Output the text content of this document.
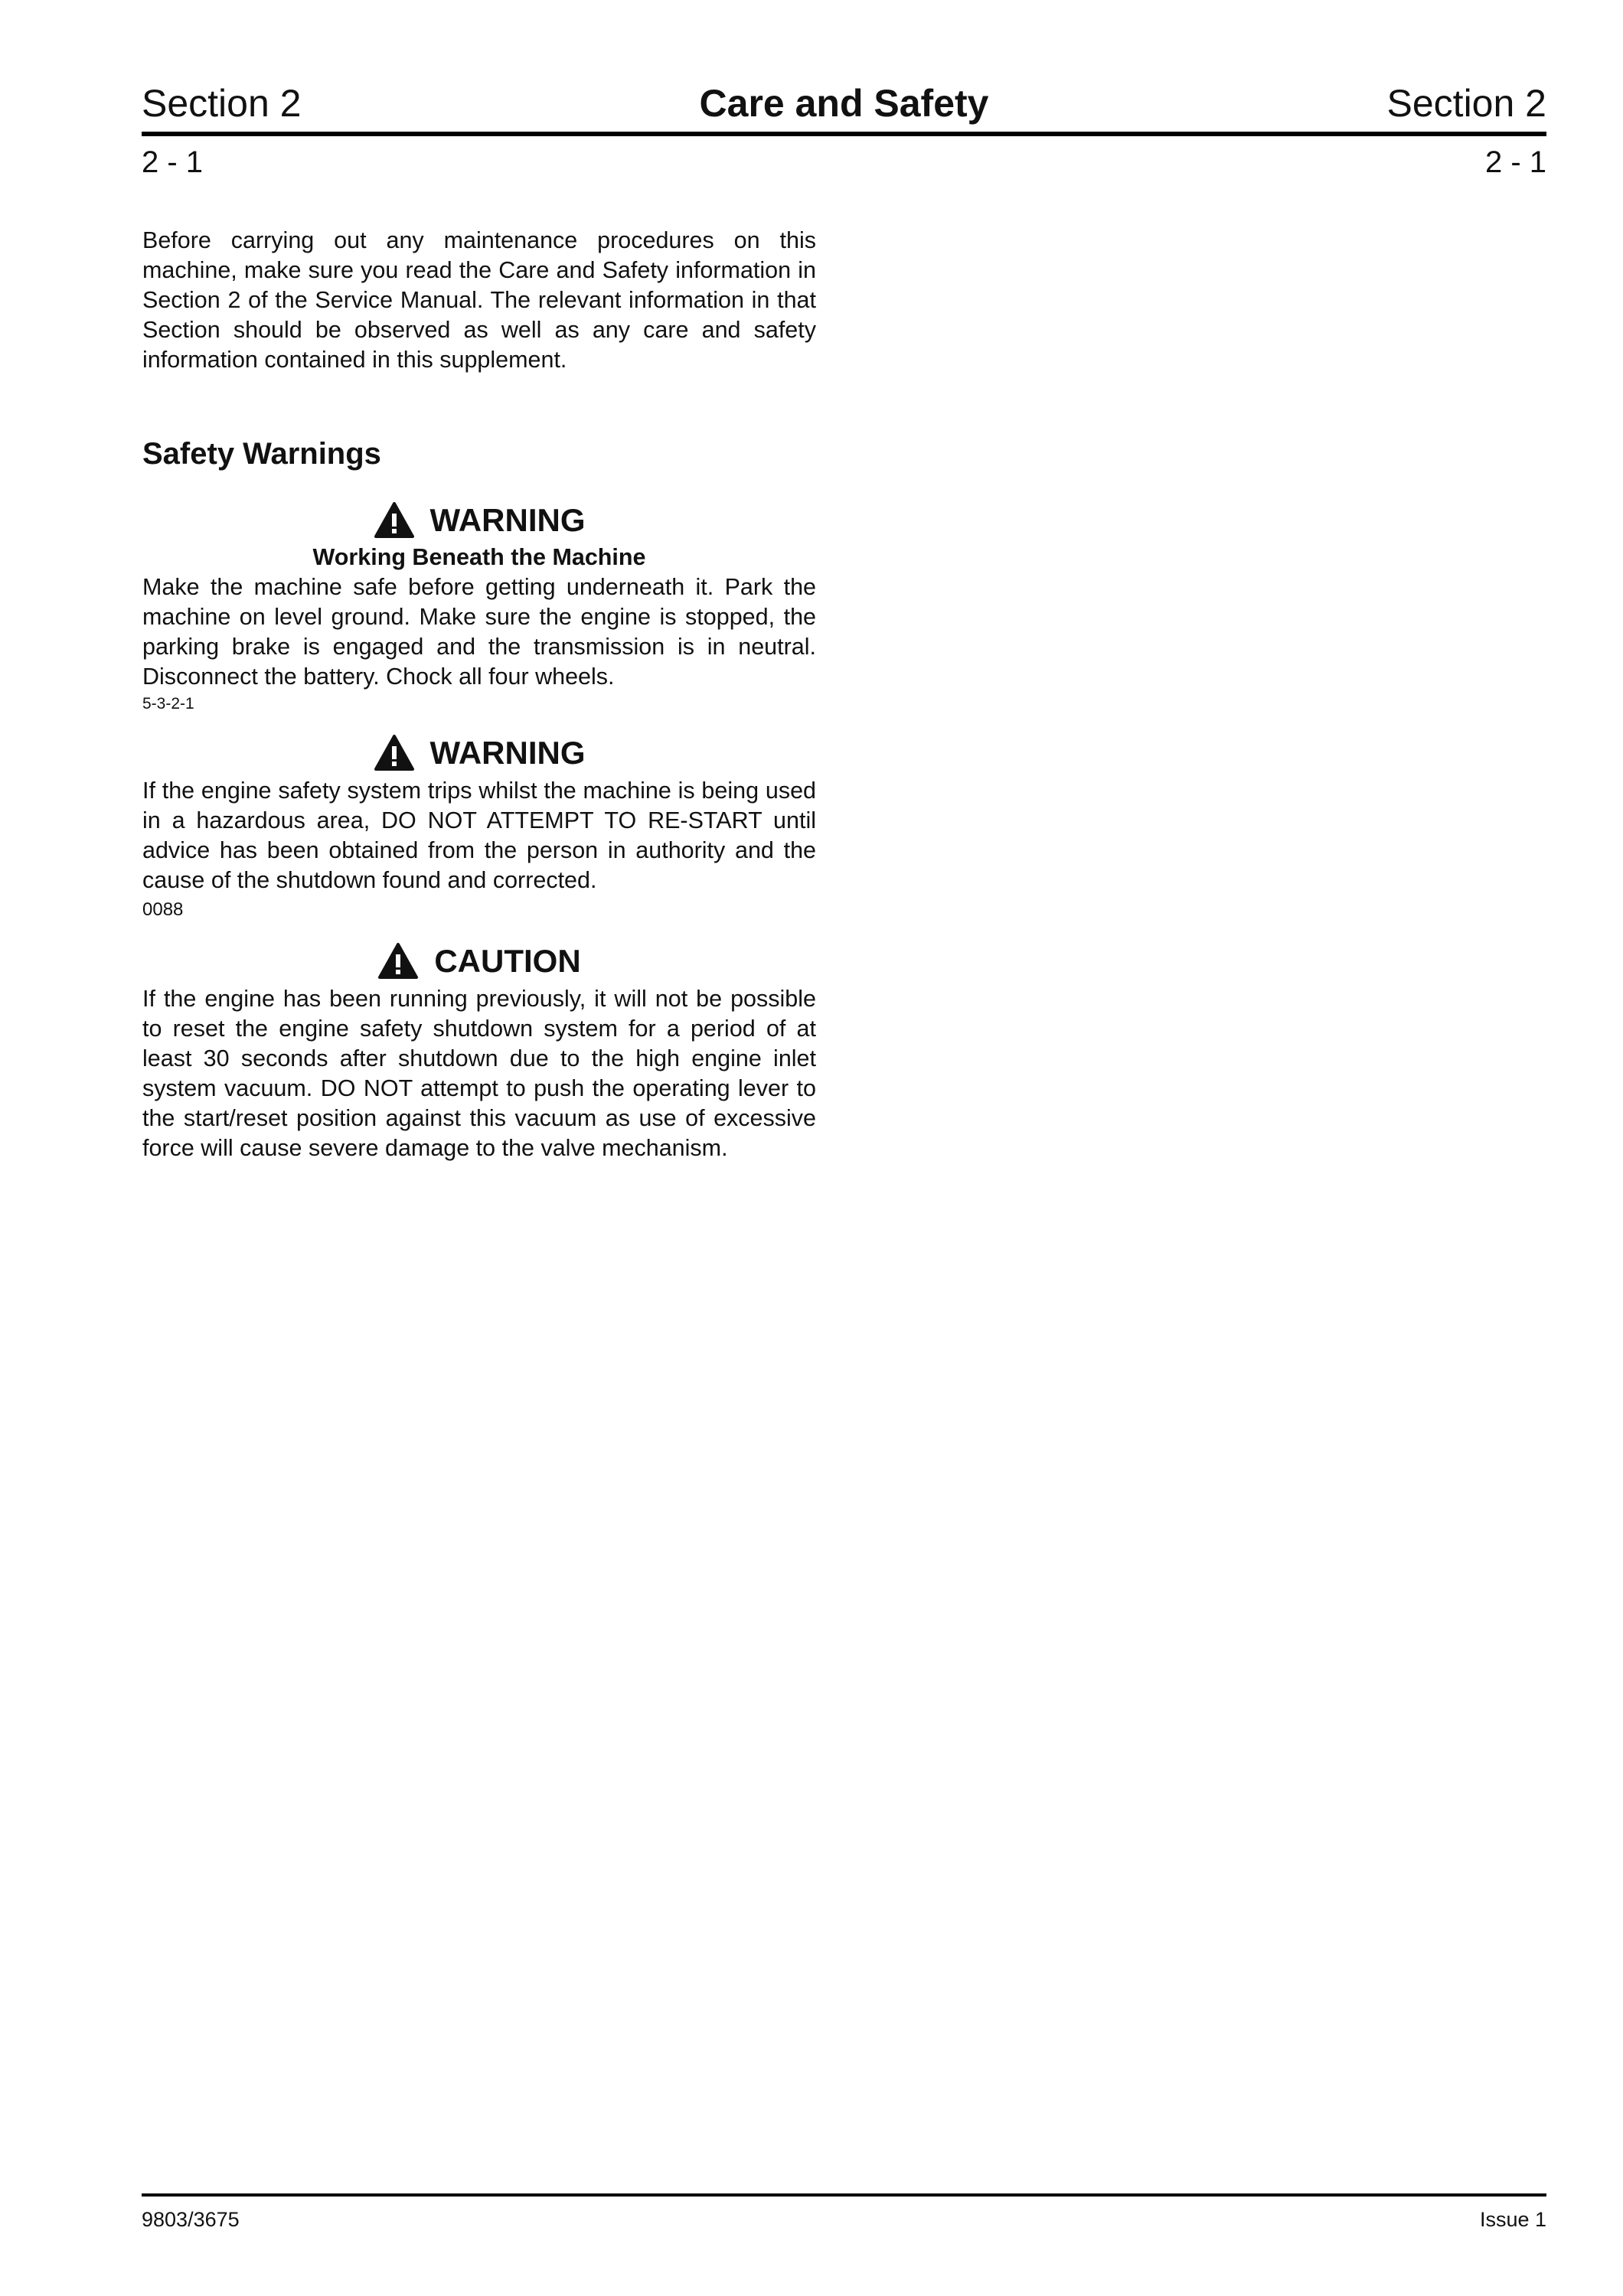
Section 2	Care and Safety	Section 2
2 - 1	2 - 1

Before carrying out any maintenance procedures on this machine, make sure you read the Care and Safety information in Section 2 of the Service Manual. The relevant information in that Section should be observed as well as any care and safety information contained in this supplement.

Safety Warnings
WARNING
Working Beneath the Machine

Make the machine safe before getting underneath it. Park the machine on level ground. Make sure the engine is stopped, the parking brake is engaged and the transmission is in neutral. Disconnect the battery. Chock all four wheels.

5-3-2-1
WARNING

If the engine safety system trips whilst the machine is being used in a hazardous area, DO NOT ATTEMPT TO RE-START until advice has been obtained from the person in authority and the cause of the shutdown found and corrected.

0088
CAUTION

If the engine has been running previously, it will not be possible to reset the engine safety shutdown system for a period of at least 30 seconds after shutdown due to the high engine inlet system vacuum. DO NOT attempt to push the operating lever to the start/reset position against this vacuum as use of excessive force will cause severe damage to the valve mechanism.

9803/3675	Issue 1
